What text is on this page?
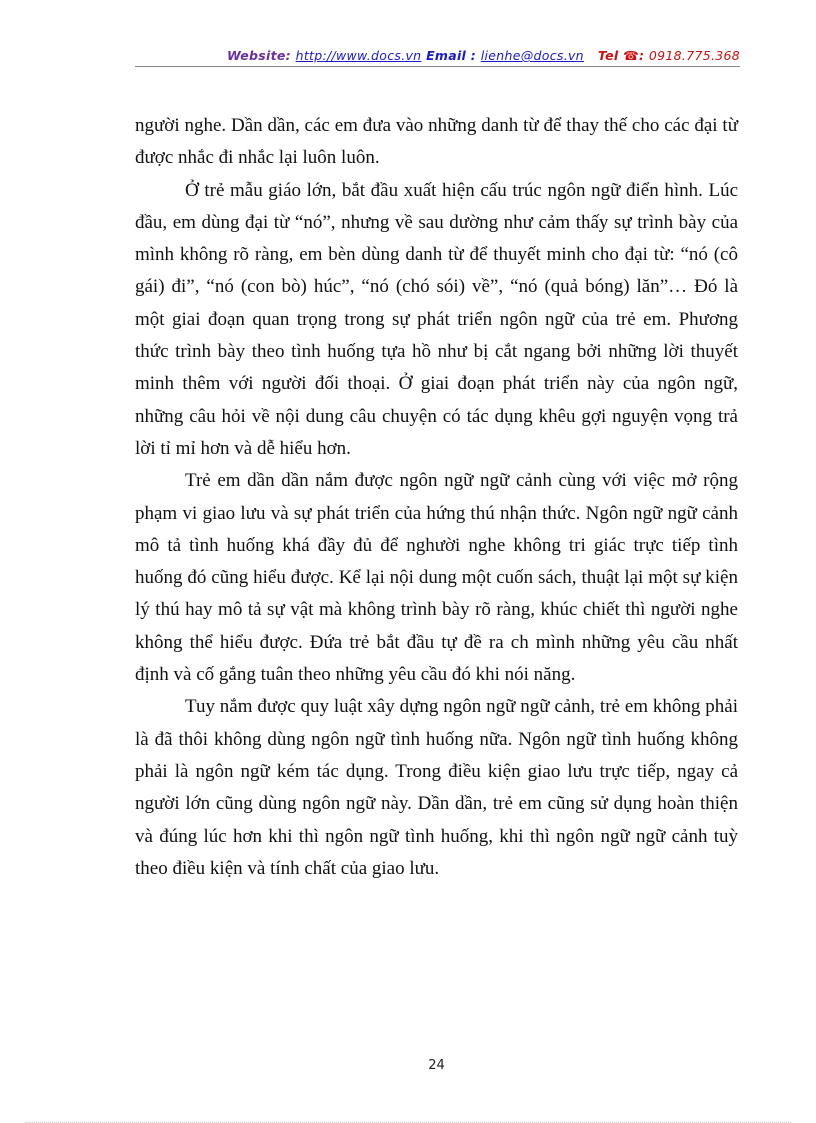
Website: http://www.docs.vn Email : lienhe@docs.vn Tel ☎: 0918.775.368

người nghe. Dần dần, các em đưa vào những danh từ để thay thế cho các đại từ được nhắc đi nhắc lại luôn luôn.

Ở trẻ mẫu giáo lớn, bắt đầu xuất hiện cấu trúc ngôn ngữ điển hình. Lúc đầu, em dùng đại từ “nó”, nhưng về sau dường như cảm thấy sự trình bày của mình không rõ ràng, em bèn dùng danh từ để thuyết minh cho đại từ: “nó (cô gái) đi”, “nó (con bò) húc”, “nó (chó sói) về”, “nó (quả bóng) lăn”… Đó là một giai đoạn quan trọng trong sự phát triển ngôn ngữ của trẻ em. Phương thức trình bày theo tình huống tựa hồ như bị cắt ngang bởi những lời thuyết minh thêm với người đối thoại. Ở giai đoạn phát triển này của ngôn ngữ, những câu hỏi về nội dung câu chuyện có tác dụng khêu gợi nguyện vọng trả lời tỉ mỉ hơn và dễ hiểu hơn.

Trẻ em dần dần nắm được ngôn ngữ ngữ cảnh cùng với việc mở rộng phạm vi giao lưu và sự phát triển của hứng thú nhận thức. Ngôn ngữ ngữ cảnh mô tả tình huống khá đầy đủ để nghười nghe không tri giác trực tiếp tình huống đó cũng hiểu được. Kể lại nội dung một cuốn sách, thuật lại một sự kiện lý thú hay mô tả sự vật mà không trình bày rõ ràng, khúc chiết thì người nghe không thể hiểu được. Đứa trẻ bắt đầu tự đề ra ch mình những yêu cầu nhất định và cố gắng tuân theo những yêu cầu đó khi nói năng.

Tuy nắm được quy luật xây dựng ngôn ngữ ngữ cảnh, trẻ em không phải là đã thôi không dùng ngôn ngữ tình huống nữa. Ngôn ngữ tình huống không phải là ngôn ngữ kém tác dụng. Trong điều kiện giao lưu trực tiếp, ngay cả người lớn cũng dùng ngôn ngữ này. Dần dần, trẻ em cũng sử dụng hoàn thiện và đúng lúc hơn khi thì ngôn ngữ tình huống, khi thì ngôn ngữ ngữ cảnh tuỳ theo điều kiện và tính chất của giao lưu.

24
